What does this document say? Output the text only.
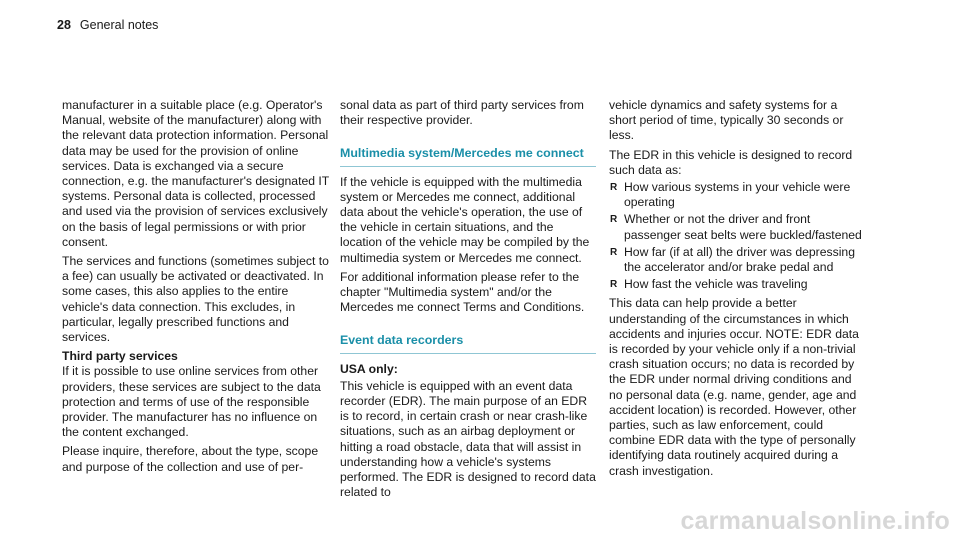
28 General notes

manufacturer in a suitable place (e.g. Operator's Manual, website of the manufacturer) along with the relevant data protection information. Personal data may be used for the provision of online services. Data is exchanged via a secure connection, e.g. the manufacturer's designated IT systems. Personal data is collected, processed and used via the provision of services exclusively on the basis of legal permissions or with prior consent.

The services and functions (sometimes subject to a fee) can usually be activated or deactivated. In some cases, this also applies to the entire vehicle's data connection. This excludes, in particular, legally prescribed functions and services.

Third party services

If it is possible to use online services from other providers, these services are subject to the data protection and terms of use of the responsible provider. The manufacturer has no influence on the content exchanged.

Please inquire, therefore, about the type, scope and purpose of the collection and use of per-

sonal data as part of third party services from their respective provider.

Multimedia system/Mercedes me connect

If the vehicle is equipped with the multimedia system or Mercedes me connect, additional data about the vehicle's operation, the use of the vehicle in certain situations, and the location of the vehicle may be compiled by the multimedia system or Mercedes me connect.

For additional information please refer to the chapter "Multimedia system" and/or the Mercedes me connect Terms and Conditions.

Event data recorders
USA only:

This vehicle is equipped with an event data recorder (EDR). The main purpose of an EDR is to record, in certain crash or near crash-like situations, such as an airbag deployment or hitting a road obstacle, data that will assist in understanding how a vehicle's systems performed. The EDR is designed to record data related to

vehicle dynamics and safety systems for a short period of time, typically 30 seconds or less.

The EDR in this vehicle is designed to record such data as:

R How various systems in your vehicle were operating
R Whether or not the driver and front passenger seat belts were buckled/fastened
R How far (if at all) the driver was depressing the accelerator and/or brake pedal and
R How fast the vehicle was traveling

This data can help provide a better understanding of the circumstances in which accidents and injuries occur. NOTE: EDR data is recorded by your vehicle only if a non-trivial crash situation occurs; no data is recorded by the EDR under normal driving conditions and no personal data (e.g. name, gender, age and accident location) is recorded. However, other parties, such as law enforcement, could combine EDR data with the type of personally identifying data routinely acquired during a crash investigation.

carmanualsonline.info
